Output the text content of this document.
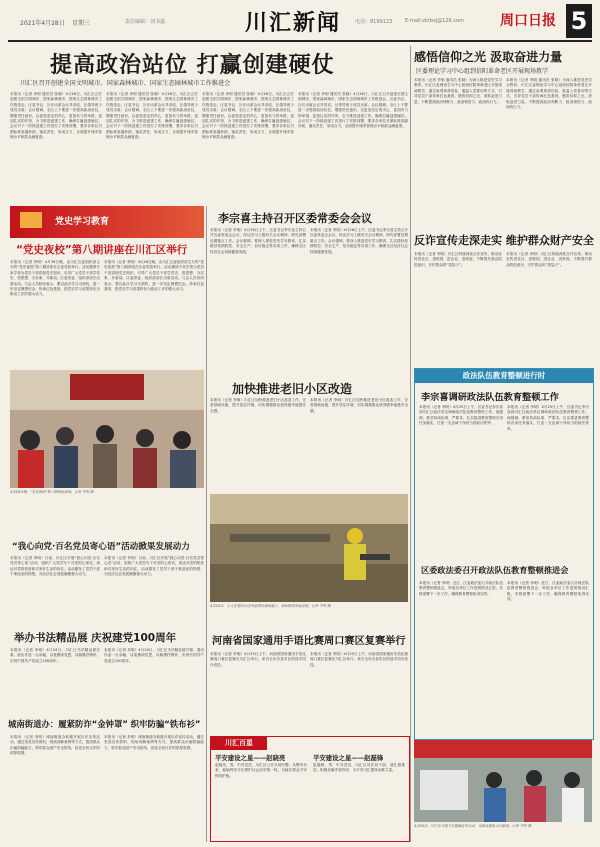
2021年4月28日 星期三	责任编辑：刘书鑫	川汇新闻	电话：8199123	E-mail:zkrbsj@126.com	周口日报 5
提高政治站位 打赢创建硬仗
川汇区召开创建全国文明城市、国家森林城市、国家生态园林城市工作推进会
本报讯（记者 李明 通讯员 张晓）4月26日，川汇区召开创建全国文明城市、国家森林城市、国家生态园林城市工作推进会。区委书记、区长出席会议并讲话，区领导班子成员出席。会议强调，全区上下要进一步提高政治站位，增强责任意识，以更加坚定的决心、更加有力的举措、更加扎实的作风，全力推进创建工作，确保打赢创建硬仗。会议对下一阶段创建工作进行了安排部署，要求各单位对照标准查漏补缺，落实责任，形成合力，全面提升城市管理水平和群众满意度。
本报讯（记者 李明 通讯员 张晓）4月26日，川汇区召开创建全国文明城市、国家森林城市、国家生态园林城市工作推进会。区委书记、区长出席会议并讲话，区领导班子成员出席。会议强调，全区上下要进一步提高政治站位，增强责任意识，以更加坚定的决心、更加有力的举措、更加扎实的作风，全力推进创建工作，确保打赢创建硬仗。会议对下一阶段创建工作进行了安排部署，要求各单位对照标准查漏补缺，落实责任，形成合力，全面提升城市管理水平和群众满意度。
本报讯（记者 李明 通讯员 张晓）4月26日，川汇区召开创建全国文明城市、国家森林城市、国家生态园林城市工作推进会。区委书记、区长出席会议并讲话，区领导班子成员出席。会议强调，全区上下要进一步提高政治站位，增强责任意识，以更加坚定的决心、更加有力的举措、更加扎实的作风，全力推进创建工作，确保打赢创建硬仗。会议对下一阶段创建工作进行了安排部署，要求各单位对照标准查漏补缺，落实责任，形成合力，全面提升城市管理水平和群众满意度。
本报讯（记者 李明 通讯员 张晓）4月26日，川汇区召开创建全国文明城市、国家森林城市、国家生态园林城市工作推进会。区委书记、区长出席会议并讲话，区领导班子成员出席。会议强调，全区上下要进一步提高政治站位，增强责任意识，以更加坚定的决心、更加有力的举措、更加扎实的作风，全力推进创建工作，确保打赢创建硬仗。会议对下一阶段创建工作进行了安排部署，要求各单位对照标准查漏补缺，落实责任，形成合力，全面提升城市管理水平和群众满意度。
党史学习教育
“党史夜校”第八期讲座在川汇区举行
本报讯（记者 李明）4月26日晚，由川汇区委组织部主办的“党史夜校”第八期讲座在区委党校举行。活动邀请专家学者为党员干部讲授党史知识，引导广大党员干部学党史、悟思想、办实事、开新局。区委常委、组织部部长出席活动。与会人员纷纷表示，要以此次学习为契机，进一步坚定理想信念，传承红色基因，把党史学习成果转化为推动工作的强大动力。
本报讯（记者 李明）4月26日晚，由川汇区委组织部主办的“党史夜校”第八期讲座在区委党校举行。活动邀请专家学者为党员干部讲授党史知识，引导广大党员干部学党史、悟思想、办实事、开新局。区委常委、组织部部长出席活动。与会人员纷纷表示，要以此次学习为契机，进一步坚定理想信念，传承红色基因，把党史学习成果转化为推动工作的强大动力。
4月26日晚，“党史夜校”第八期讲座现场。记者 李明 摄
“我心向党·百名党员寄心语”活动掀果发展动力
本报讯（记者 李明）日前，川汇区开展“我心向党·百名党员寄心语”活动，组织广大党员写下对党的心里话，表达对党的热爱和对美好生活的向往。活动激发了党员干部干事创业的热情，为经济社会发展凝聚强大动力。
本报讯（记者 李明）日前，川汇区开展“我心向党·百名党员寄心语”活动，组织广大党员写下对党的心里话，表达对党的热爱和对美好生活的向往。活动激发了党员干部干事创业的热情，为经济社会发展凝聚强大动力。
举办书法精品展 庆祝建党100周年
本报讯（记者 李明）4月24日，川汇区书法精品展开幕，展出作品一百余幅，以笔墨颂党恩，以翰墨抒情怀，庆祝中国共产党成立100周年。
本报讯（记者 李明）4月24日，川汇区书法精品展开幕，展出作品一百余幅，以笔墨颂党恩，以翰墨抒情怀，庆祝中国共产党成立100周年。
城南街道办：履紧防诈“金钟罩” 织牢防骗“铁布衫”
本报讯（记者 李明）城南街道办积极开展反诈宣传活动，通过发放宣传资料、现场讲解案例等方式，提高群众识骗防骗能力，筑牢群众财产安全防线，营造全民反诈的浓厚氛围。
本报讯（记者 李明）城南街道办积极开展反诈宣传活动，通过发放宣传资料、现场讲解案例等方式，提高群众识骗防骗能力，筑牢群众财产安全防线，营造全民反诈的浓厚氛围。
李宗喜主持召开区委常委会会议
本报讯（记者 李明）4月26日上午，区委书记李宗喜主持召开区委常委会会议，传达学习上级有关会议精神，研究部署近期重点工作。会议强调，要深入推进党史学习教育，扎实做好疫情防控、安全生产、信访稳定等各项工作，确保全区经济社会持续健康发展。
本报讯（记者 李明）4月26日上午，区委书记李宗喜主持召开区委常委会会议，传达学习上级有关会议精神，研究部署近期重点工作。会议强调，要深入推进党史学习教育，扎实做好疫情防控、安全生产、信访稳定等各项工作，确保全区经济社会持续健康发展。
加快推进老旧小区改造
本报讯（记者 李明）川汇区加快推进老旧小区改造工作，完善基础设施，提升居住环境，切实增强群众获得感幸福感安全感。
本报讯（记者 李明）川汇区加快推进老旧小区改造工作，完善基础设施，提升居住环境，切实增强群众获得感幸福感安全感。
4月24日，工人在老旧小区改造项目现场施工，加快推进改造进度。记者 李明 摄
河南省国家通用手语比赛周口赛区复赛举行
本报讯（记者 李明）4月25日上午，河南省国家通用手语比赛周口赛区复赛在川汇区举行，来自全市各县市区的选手同台竞技。
本报讯（记者 李明）4月25日上午，河南省国家通用手语比赛周口赛区复赛在川汇区举行，来自全市各县市区的选手同台竞技。
川汇百星
平安建设之星——赵晓亮
赵晓亮，男，中共党员，川汇区公安分局民警。从警多年来，他始终坚守在维护社会治安第一线，为辖区群众平安保驾护航。
平安建设之星——赵磊锋
赵磊锋，男，中共党员，川汇区司法局干部。他扎根基层，积极化解矛盾纠纷，为平安川汇建设贡献力量。
感悟信仰之光 汲取奋进力量
区委理论学习中心组到信阳革命老区开展现场教学
本报讯（记者 李明 通讯员 张晓）为深入推进党史学习教育，川汇区委理论学习中心组到信阳革命老区开展现场教学，通过参观革命旧址、重温入党誓词等方式，引导党员干部传承红色基因，感悟信仰之光，汲取奋进力量，不断提高政治判断力、政治领悟力、政治执行力。
本报讯（记者 李明 通讯员 张晓）为深入推进党史学习教育，川汇区委理论学习中心组到信阳革命老区开展现场教学，通过参观革命旧址、重温入党誓词等方式，引导党员干部传承红色基因，感悟信仰之光，汲取奋进力量，不断提高政治判断力、政治领悟力、政治执行力。
反诈宣传走深走实 维护群众财产安全
本报讯（记者 李明）川汇区持续深化反诈宣传，推动宣传进社区、进校园、进企业、进家庭，不断提升群众防范意识，守护群众的“钱袋子”。
本报讯（记者 李明）川汇区持续深化反诈宣传，推动宣传进社区、进校园、进企业、进家庭，不断提升群众防范意识，守护群众的“钱袋子”。
政法队伍教育整顿进行时
李宗喜调研政法队伍教育整顿工作
本报讯（记者 李明）4月25日上午，区委书记李宗喜到川汇区政法单位调研政法队伍教育整顿工作。他强调，要坚持高标准、严要求，扎实推进教育整顿各项任务落实，打造一支忠诚干净担当的政法铁军。
本报讯（记者 李明）4月25日上午，区委书记李宗喜到川汇区政法单位调研政法队伍教育整顿工作。他强调，要坚持高标准、严要求，扎实推进教育整顿各项任务落实，打造一支忠诚干净担当的政法铁军。
区委政法委召开政法队伍教育整顿推进会
本报讯（记者 李明）近日，区委政法委召开政法队伍教育整顿推进会，听取各单位工作进展情况汇报，安排部署下一步工作，确保教育整顿取得实效。
本报讯（记者 李明）近日，区委政法委召开政法队伍教育整顿推进会，听取各单位工作进展情况汇报，安排部署下一步工作，确保教育整顿取得实效。
4月24日，川汇区开展卫生健康宣传活动，为群众提供义诊服务。记者 李明 摄
